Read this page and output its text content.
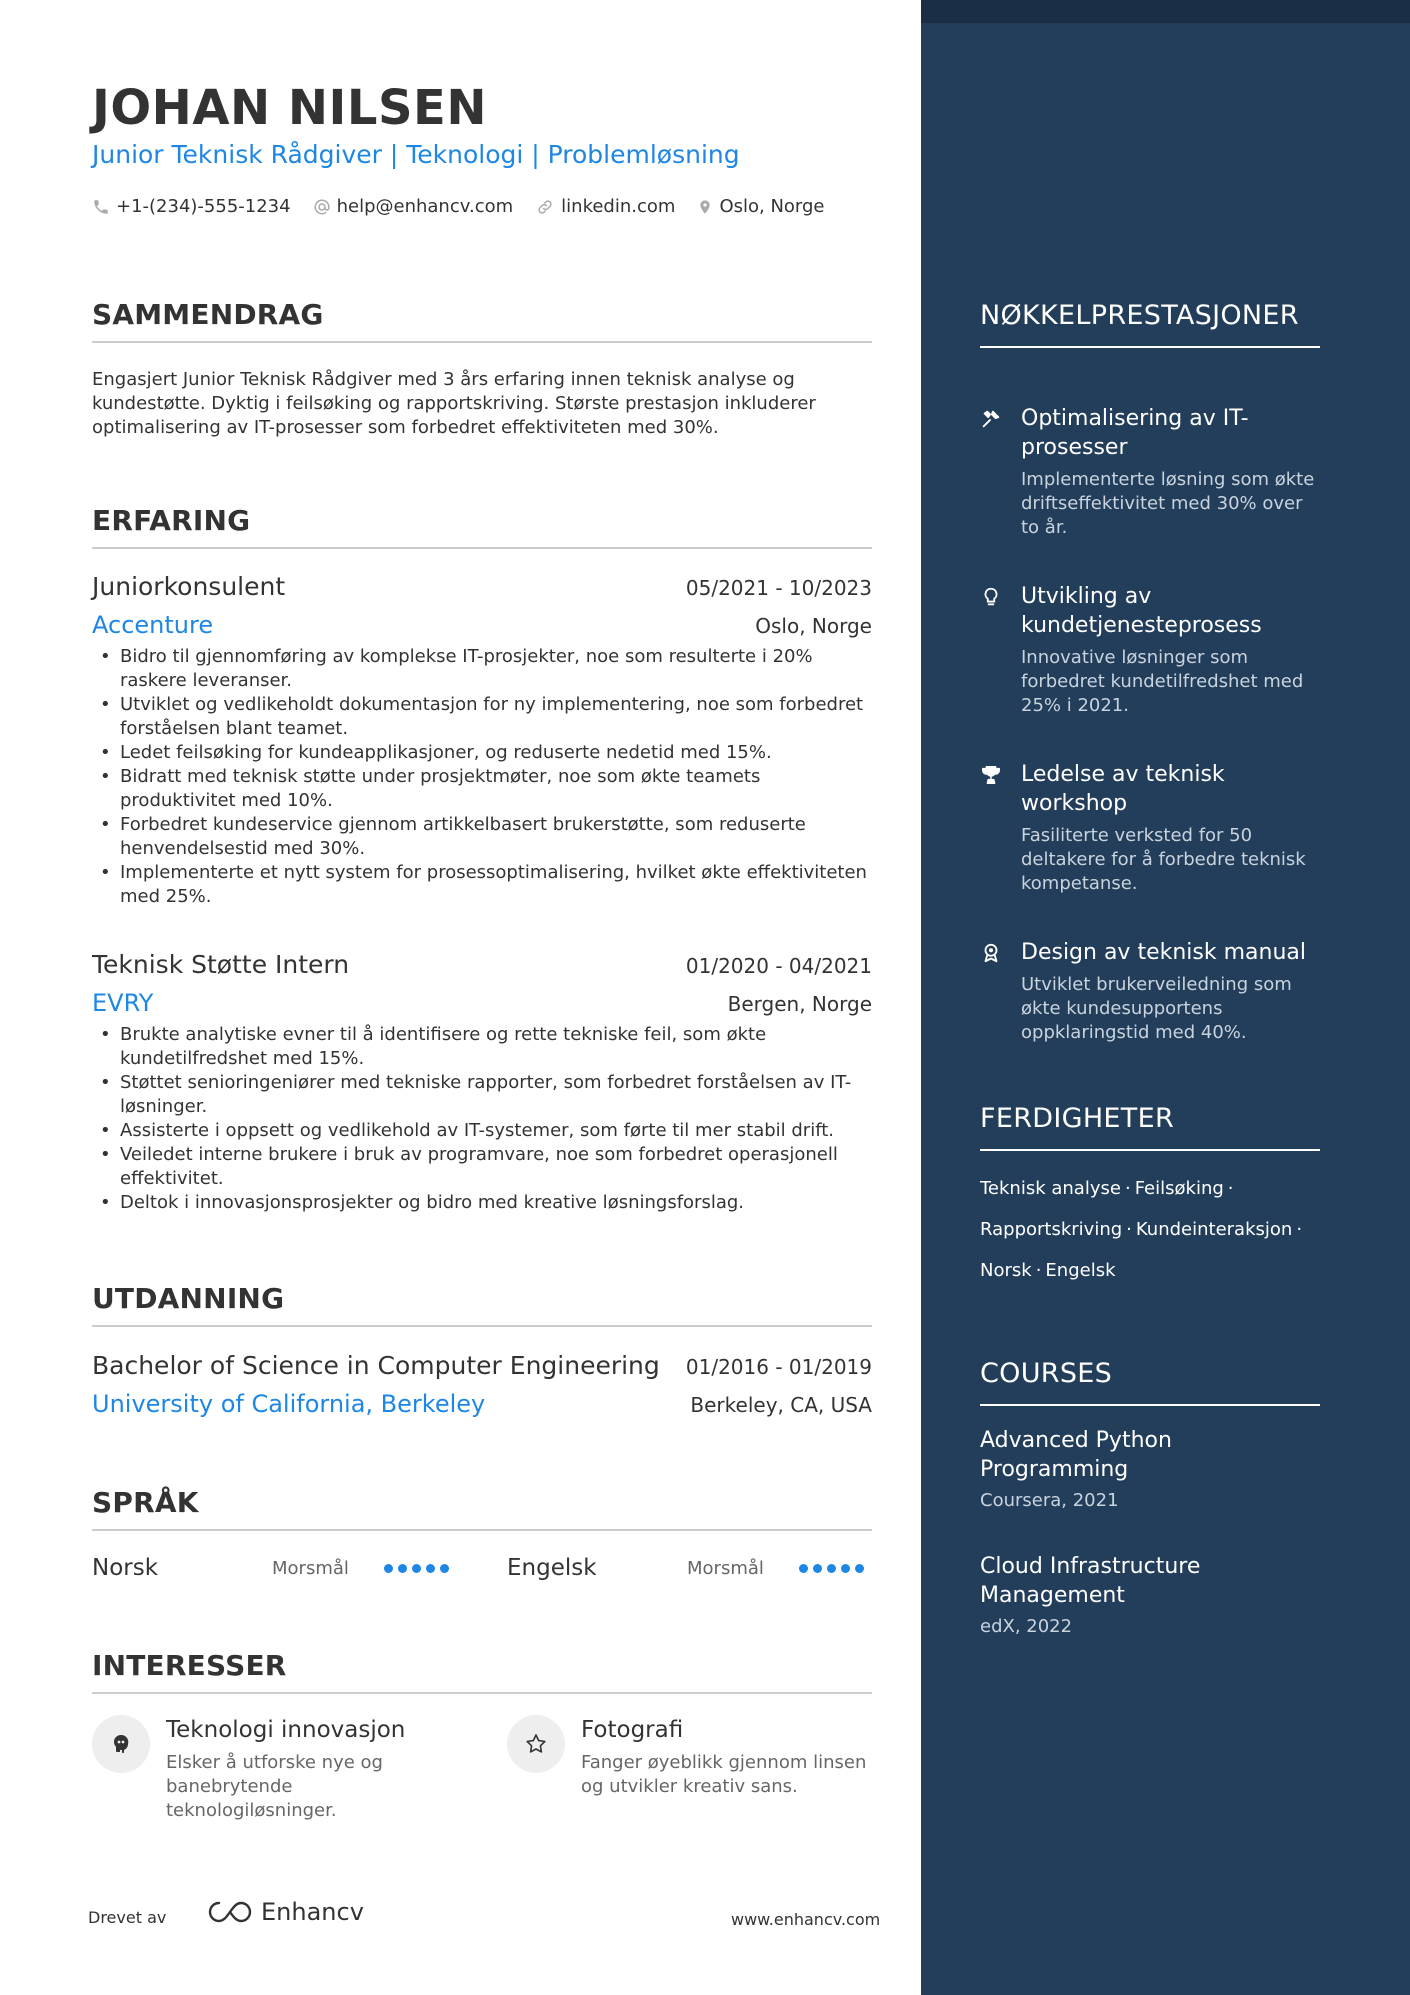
JOHAN NILSEN
Junior Teknisk Rådgiver | Teknologi | Problemløsning
+1-(234)-555-1234	help@enhancv.com	linkedin.com Oslo, Norge
SAMMENDRAG

Engasjert Junior Teknisk Rådgiver med 3 års erfaring innen teknisk analyse og kundestøtte. Dyktig i feilsøking og rapportskriving. Største prestasjon inkluderer optimalisering av IT-prosesser som forbedret effektiviteten med 30%.

ERFARING
Juniorkonsulent	05/2021 - 10/2023
Accenture	Oslo, Norge
• Bidro til gjennomføring av komplekse IT-prosjekter, noe som resulterte i 20% raskere leveranser.
• Utviklet og vedlikeholdt dokumentasjon for ny implementering, noe som forbedret forståelsen blant teamet.
• Ledet feilsøking for kundeapplikasjoner, og reduserte nedetid med 15%.
• Bidratt med teknisk støtte under prosjektmøter, noe som økte teamets produktivitet med 10%.
• Forbedret kundeservice gjennom artikkelbasert brukerstøtte, som reduserte henvendelsestid med 30%.
• Implementerte et nytt system for prosessoptimalisering, hvilket økte effektiviteten med 25%.
Teknisk Støtte Intern	01/2020 - 04/2021
EVRY	Bergen, Norge
• Brukte analytiske evner til å identifisere og rette tekniske feil, som økte kundetilfredshet med 15%.
• Støttet senioringeniører med tekniske rapporter, som forbedret forståelsen av IT-løsninger.
• Assisterte i oppsett og vedlikehold av IT-systemer, som førte til mer stabil drift.
• Veiledet interne brukere i bruk av programvare, noe som forbedret operasjonell effektivitet.
• Deltok i innovasjonsprosjekter og bidro med kreative løsningsforslag.
UTDANNING
Bachelor of Science in Computer Engineering 01/2016 - 01/2019
University of California, Berkeley	Berkeley, CA, USA
SPRÅK
Norsk	Morsmål	Engelsk	Morsmål
INTERESSER
Teknologi innovasjon
Elsker å utforske nye og banebrytende teknologiløsninger.
Fotografi
Fanger øyeblikk gjennom linsen og utvikler kreativ sans.
Drevet av	Enhancv	www.enhancv.com
NØKKELPRESTASJONER
Optimalisering av IT-prosesser
Implementerte løsning som økte driftseffektivitet med 30% over to år.
Utvikling av kundetjenesteprosess
Innovative løsninger som forbedret kundetilfredshet med 25% i 2021.
Ledelse av teknisk workshop
Fasiliterte verksted for 50 deltakere for å forbedre teknisk kompetanse.
Design av teknisk manual
Utviklet brukerveiledning som økte kundesupportens oppklaringstid med 40%.
FERDIGHETER
Teknisk analyse · Feilsøking ·
Rapportskriving · Kundeinteraksjon ·
Norsk · Engelsk
COURSES
Advanced Python Programming
Coursera, 2021
Cloud Infrastructure Management
edX, 2022
